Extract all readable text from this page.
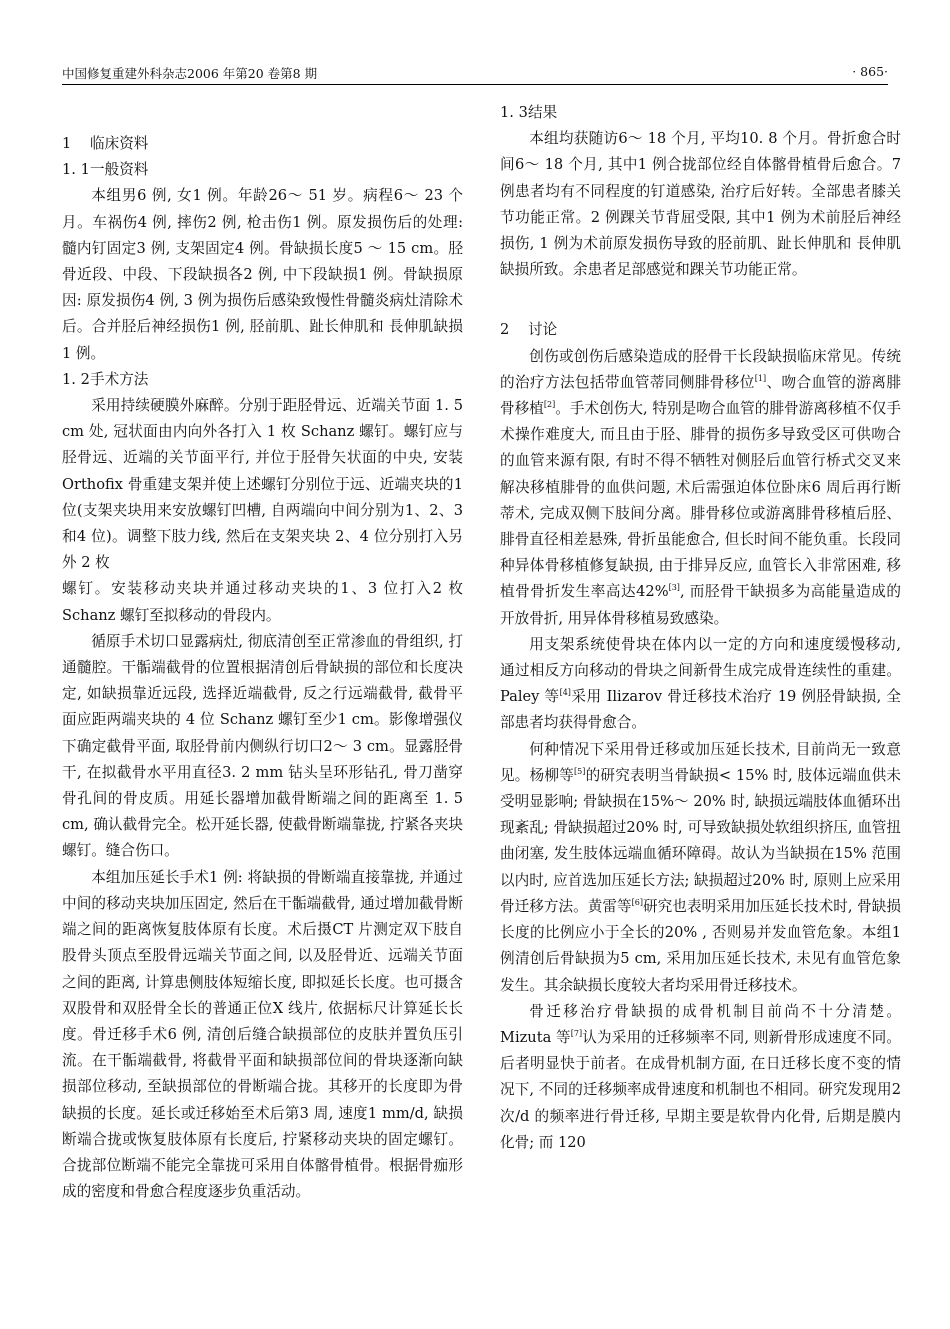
中国修复重建外科杂志2006 年第20 卷第8 期	· 865·
1 临床资料
1. 1一般资料

本组男6 例, 女1 例。年龄26～ 51 岁。病程6～ 23 个月。车祸伤4 例, 摔伤2 例, 枪击伤1 例。原发损伤后的处理: 髓内钉固定3 例, 支架固定4 例。骨缺损长度5 ～ 15 cm。胫骨近段、中段、下段缺损各2 例, 中下段缺损1 例。骨缺损原因: 原发损伤4 例, 3 例为损伤后感染致慢性骨髓炎病灶清除术后。合并胫后神经损伤1 例, 胫前肌、趾长伸肌和 長伸肌缺损1 例。

1. 2手术方法

采用持续硬膜外麻醉。分别于距胫骨远、近端关节面 1. 5 cm 处, 冠状面由内向外各打入 1 枚 Schanz 螺钉。螺钉应与胫骨远、近端的关节面平行, 并位于胫骨矢状面的中央, 安装Orthofix 骨重建支架并使上述螺钉分别位于远、近端夹块的1 位(支架夹块用来安放螺钉凹槽, 自两端向中间分别为1、2、3 和4 位)。调整下肢力线, 然后在支架夹块 2、4 位分别打入另外 2 枚

螺钉。安装移动夹块并通过移动夹块的1、3 位打入2 枚 Schanz 螺钉至拟移动的骨段内。

循原手术切口显露病灶, 彻底清创至正常渗血的骨组织, 打通髓腔。干骺端截骨的位置根据清创后骨缺损的部位和长度决定, 如缺损靠近远段, 选择近端截骨, 反之行远端截骨, 截骨平面应距两端夹块的 4 位 Schanz 螺钉至少1 cm。影像增强仪下确定截骨平面, 取胫骨前内侧纵行切口2～ 3 cm。显露胫骨干, 在拟截骨水平用直径3. 2 mm 钻头呈环形钻孔, 骨刀凿穿骨孔间的骨皮质。用延长器增加截骨断端之间的距离至 1. 5 cm, 确认截骨完全。松开延长器, 使截骨断端靠拢, 拧紧各夹块螺钉。缝合伤口。

本组加压延长手术1 例: 将缺损的骨断端直接靠拢, 并通过中间的移动夹块加压固定, 然后在干骺端截骨, 通过增加截骨断端之间的距离恢复肢体原有长度。术后摄CT 片测定双下肢自股骨头顶点至股骨远端关节面之间, 以及胫骨近、远端关节面之间的距离, 计算患侧肢体短缩长度, 即拟延长长度。也可摄含双股骨和双胫骨全长的普通正位X 线片, 依据标尺计算延长长度。骨迁移手术6 例, 清创后缝合缺损部位的皮肤并置负压引流。在干骺端截骨, 将截骨平面和缺损部位间的骨块逐渐向缺损部位移动, 至缺损部位的骨断端合拢。其移开的长度即为骨缺损的长度。延长或迁移始至术后第3 周, 速度1 mm/d, 缺损断端合拢或恢复肢体原有长度后, 拧紧移动夹块的固定螺钉。合拢部位断端不能完全靠拢可采用自体髂骨植骨。根据骨痂形成的密度和骨愈合程度逐步负重活动。

1. 3结果

本组均获随访6～ 18 个月, 平均10. 8 个月。骨折愈合时间6～ 18 个月, 其中1 例合拢部位经自体髂骨植骨后愈合。7 例患者均有不同程度的钉道感染, 治疗后好转。全部患者膝关节功能正常。2 例踝关节背屈受限, 其中1 例为术前胫后神经损伤, 1 例为术前原发损伤导致的胫前肌、趾长伸肌和 長伸肌缺损所致。余患者足部感觉和踝关节功能正常。

2 讨论

创伤或创伤后感染造成的胫骨干长段缺损临床常见。传统的治疗方法包括带血管蒂同侧腓骨移位[1]、吻合血管的游离腓骨移植[2]。手术创伤大, 特别是吻合血管的腓骨游离移植不仅手术操作难度大, 而且由于胫、腓骨的损伤多导致受区可供吻合的血管来源有限, 有时不得不牺牲对侧胫后血管行桥式交叉来解决移植腓骨的血供问题, 术后需强迫体位卧床6 周后再行断蒂术, 完成双侧下肢间分离。腓骨移位或游离腓骨移植后胫、腓骨直径相差悬殊, 骨折虽能愈合, 但长时间不能负重。长段同种异体骨移植修复缺损, 由于排异反应, 血管长入非常困难, 移植骨骨折发生率高达42%[3], 而胫骨干缺损多为高能量造成的开放骨折, 用异体骨移植易致感染。

用支架系统使骨块在体内以一定的方向和速度缓慢移动, 通过相反方向移动的骨块之间新骨生成完成骨连续性的重建。Paley 等[4]采用 Ilizarov 骨迁移技术治疗 19 例胫骨缺损, 全部患者均获得骨愈合。

何种情况下采用骨迁移或加压延长技术, 目前尚无一致意见。杨柳等[5]的研究表明当骨缺损< 15% 时, 肢体远端血供未受明显影响; 骨缺损在15%～ 20% 时, 缺损远端肢体血循环出现紊乱; 骨缺损超过20% 时, 可导致缺损处软组织挤压, 血管扭曲闭塞, 发生肢体远端血循环障碍。故认为当缺损在15% 范围以内时, 应首选加压延长方法; 缺损超过20% 时, 原则上应采用骨迁移方法。黄雷等[6]研究也表明采用加压延长技术时, 骨缺损长度的比例应小于全长的20% , 否则易并发血管危象。本组1 例清创后骨缺损为5 cm, 采用加压延长技术, 未见有血管危象发生。其余缺损长度较大者均采用骨迁移技术。

骨迁移治疗骨缺损的成骨机制目前尚不十分清楚。Mizuta 等[7]认为采用的迁移频率不同, 则新骨形成速度不同。后者明显快于前者。在成骨机制方面, 在日迁移长度不变的情况下, 不同的迁移频率成骨速度和机制也不相同。研究发现用2 次/d 的频率进行骨迁移, 早期主要是软骨内化骨, 后期是膜内化骨; 而 120
